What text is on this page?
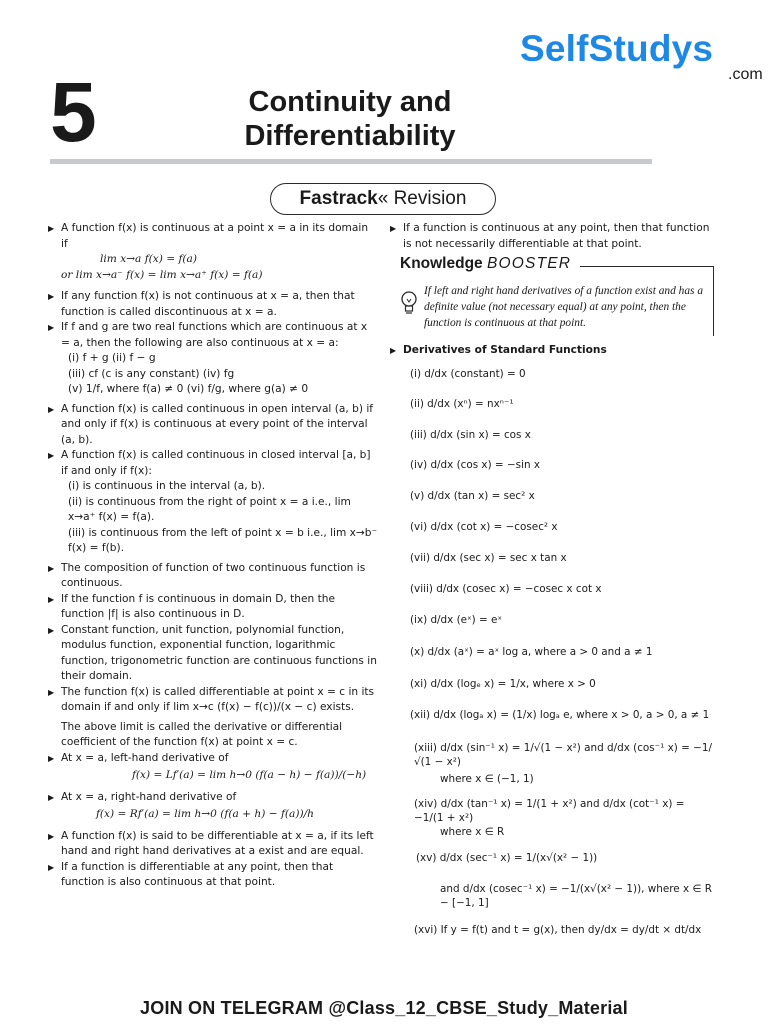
SelfStudys
.com
5	Continuity and
Differentiability
Fastrack« Revision

▶ A function f(x) is continuous at a point x = a in its domain if

lim x→a f(x) = f(a)

or lim x→a⁻ f(x) = lim x→a⁺ f(x) = f(a)

▶ If any function f(x) is not continuous at x = a, then that function is called discontinuous at x = a.

▶ If f and g are two real functions which are continuous at x = a, then the following are also continuous at x = a:

(i) f + g (ii) f − g

(iii) cf (c is any constant) (iv) fg

(v) 1/f, where f(a) ≠ 0 (vi) f/g, where g(a) ≠ 0

▶ A function f(x) is called continuous in open interval (a, b) if and only if f(x) is continuous at every point of the interval (a, b).

▶ A function f(x) is called continuous in closed interval [a, b] if and only if f(x):

(i) is continuous in the interval (a, b).

(ii) is continuous from the right of point x = a i.e., lim x→a⁺ f(x) = f(a).

(iii) is continuous from the left of point x = b i.e., lim x→b⁻ f(x) = f(b).

▶ The composition of function of two continuous function is continuous.

▶ If the function f is continuous in domain D, then the function |f| is also continuous in D.

▶ Constant function, unit function, polynomial function, modulus function, exponential function, logarithmic function, trigonometric function are continuous functions in their domain.

▶ The function f(x) is called differentiable at point x = c in its domain if and only if lim x→c (f(x) − f(c))/(x − c) exists.

The above limit is called the derivative or differential coefficient of the function f(x) at point x = c.

▶ At x = a, left-hand derivative of

f(x) = Lf′(a) = lim h→0 (f(a − h) − f(a))/(−h)

▶ At x = a, right-hand derivative of

f(x) = Rf′(a) = lim h→0 (f(a + h) − f(a))/h

▶ A function f(x) is said to be differentiable at x = a, if its left hand and right hand derivatives at a exist and are equal.

▶ If a function is differentiable at any point, then that function is also continuous at that point.

▶ If a function is continuous at any point, then that function is not necessarily differentiable at that point.

Knowledge BOOSTER
If left and right hand derivatives of a function exist and has a definite value (not necessary equal) at any point, then the function is continuous at that point.

▶ Derivatives of Standard Functions

(i) d/dx (constant) = 0
(ii) d/dx (xⁿ) = nxⁿ⁻¹
(iii) d/dx (sin x) = cos x
(iv) d/dx (cos x) = −sin x
(v) d/dx (tan x) = sec² x
(vi) d/dx (cot x) = −cosec² x
(vii) d/dx (sec x) = sec x tan x
(viii) d/dx (cosec x) = −cosec x cot x
(ix) d/dx (eˣ) = eˣ
(x) d/dx (aˣ) = aˣ log a, where a > 0 and a ≠ 1
(xi) d/dx (logₑ x) = 1/x, where x > 0
(xii) d/dx (logₐ x) = (1/x) logₐ e, where x > 0, a > 0, a ≠ 1
(xiii) d/dx (sin⁻¹ x) = 1/√(1 − x²) and d/dx (cos⁻¹ x) = −1/√(1 − x²)
where x ∈ (−1, 1)
(xiv) d/dx (tan⁻¹ x) = 1/(1 + x²) and d/dx (cot⁻¹ x) = −1/(1 + x²)
where x ∈ R
(xv) d/dx (sec⁻¹ x) = 1/(x√(x² − 1))
and d/dx (cosec⁻¹ x) = −1/(x√(x² − 1)), where x ∈ R − [−1, 1]
(xvi) If y = f(t) and t = g(x), then dy/dx = dy/dt × dt/dx
JOIN ON TELEGRAM @Class_12_CBSE_Study_Material
